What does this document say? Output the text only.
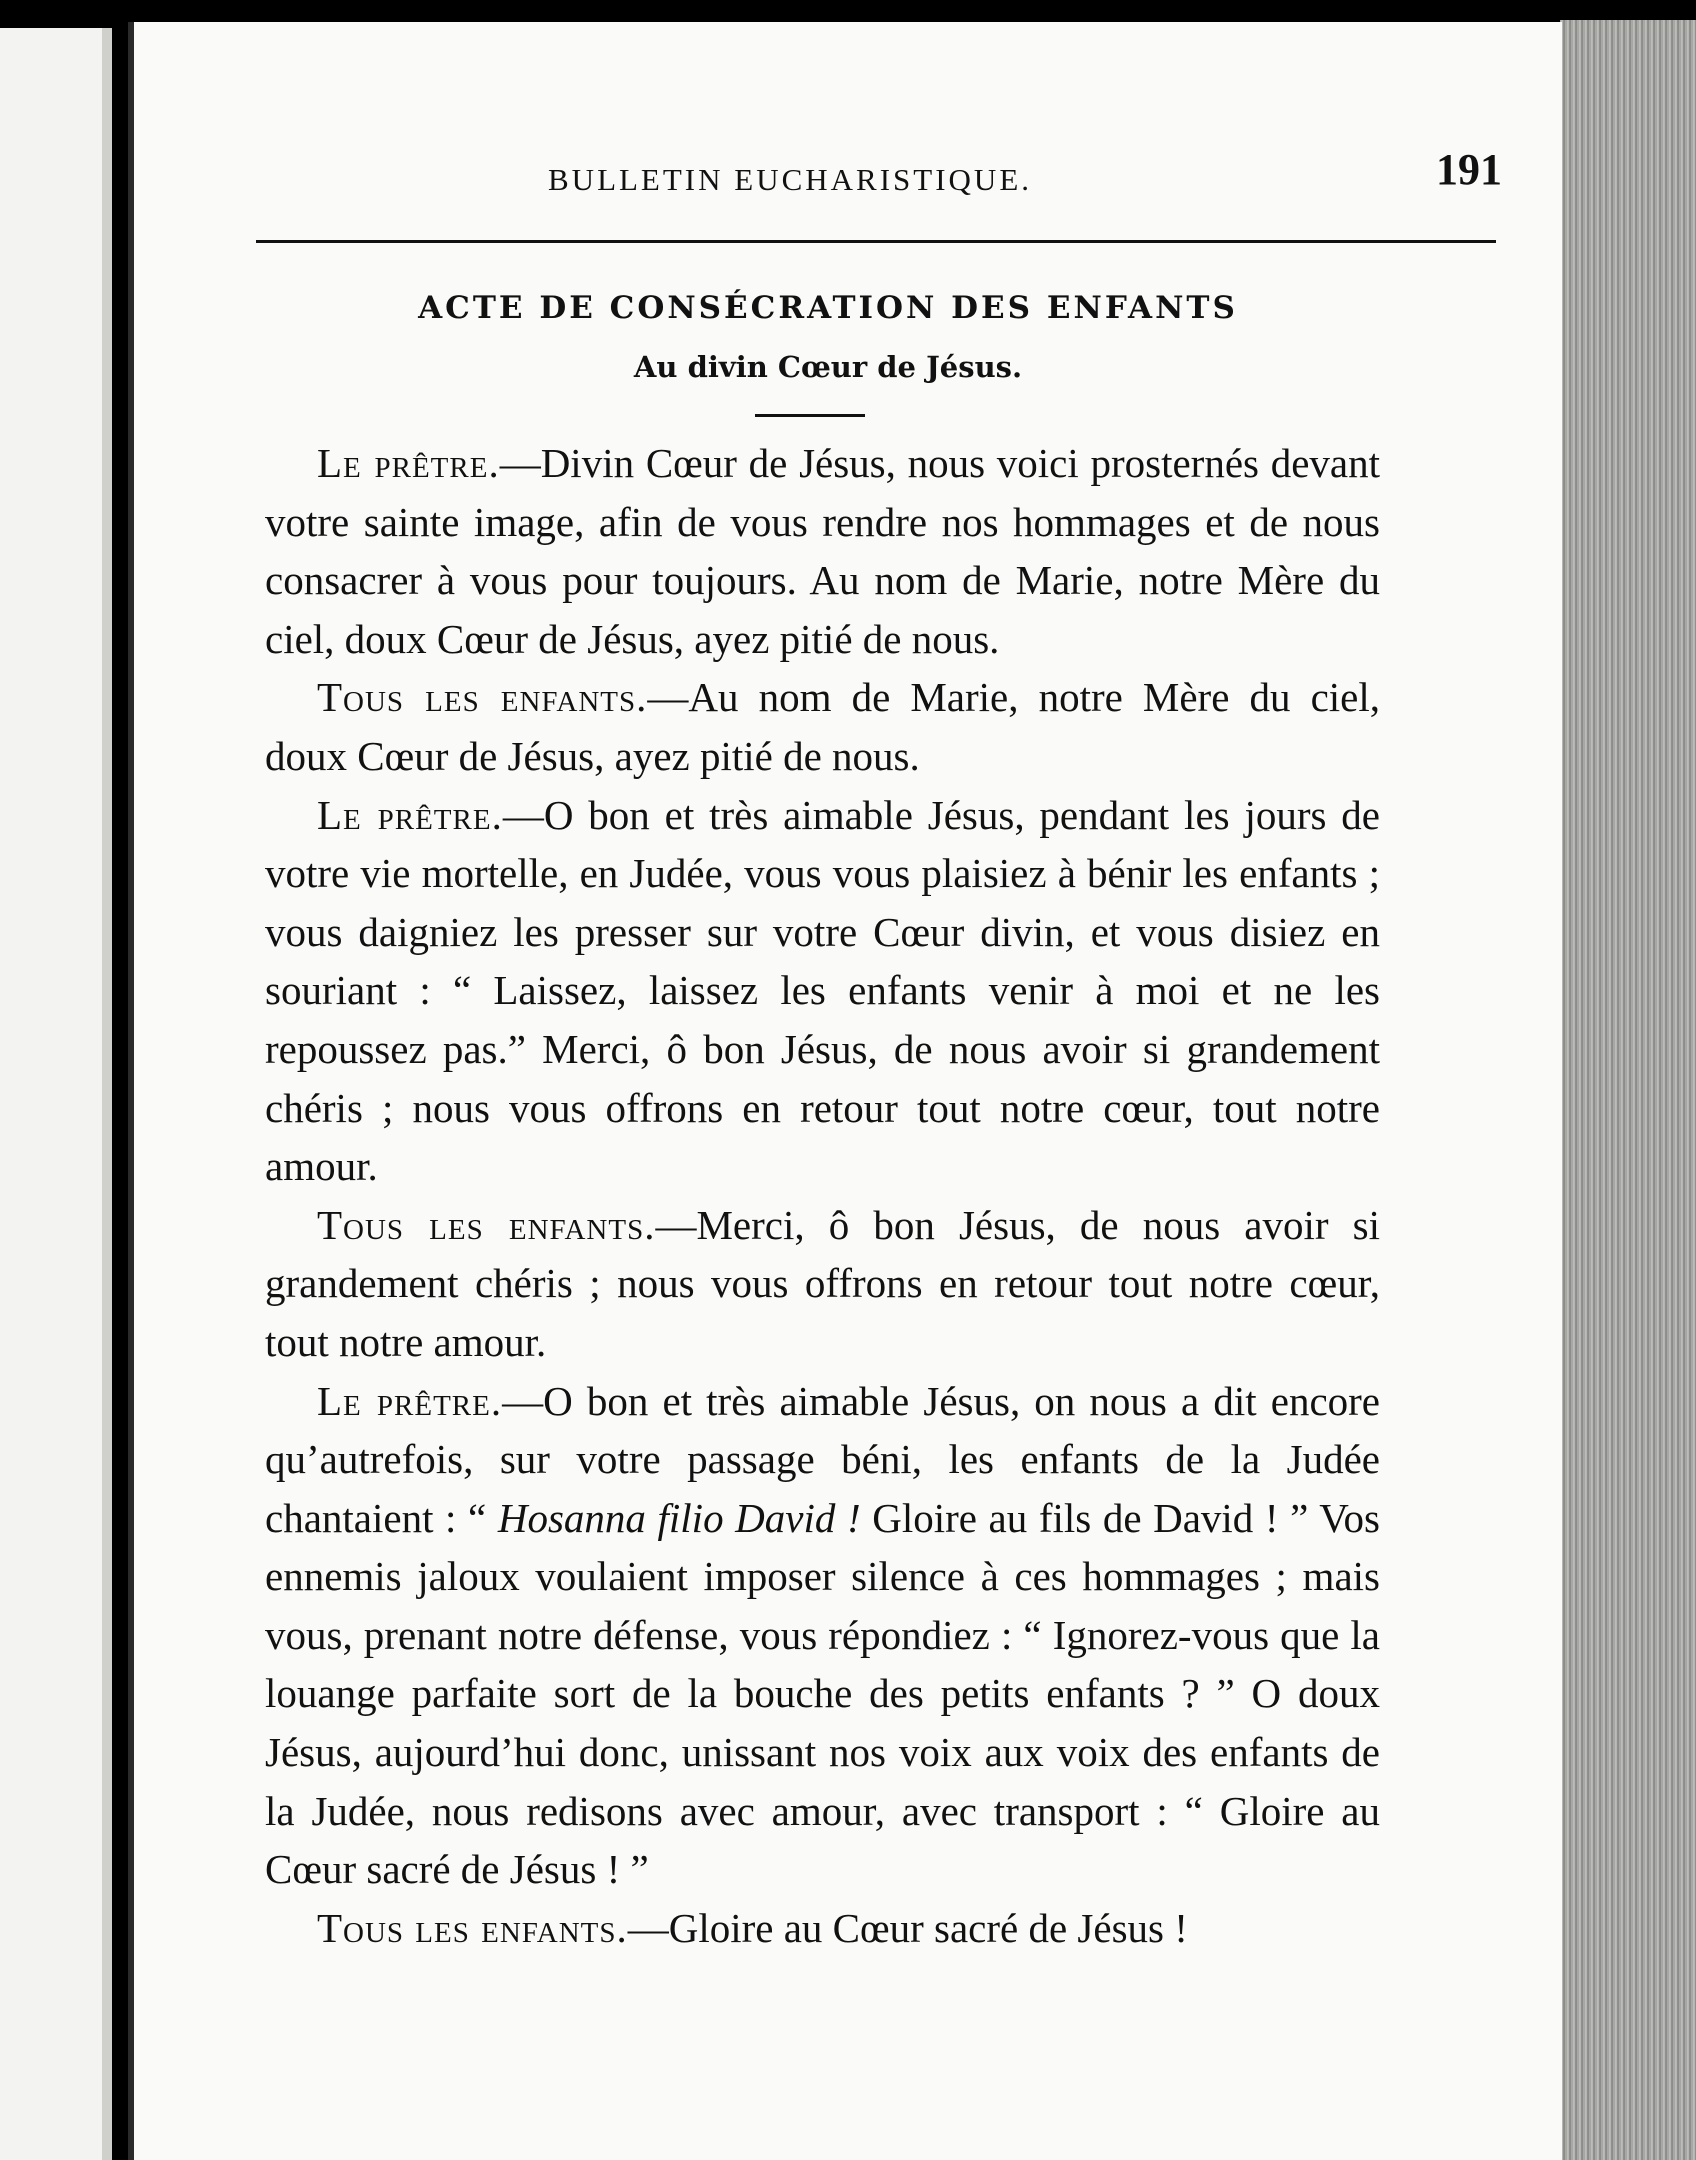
BULLETIN EUCHARISTIQUE.	191
ACTE DE CONSÉCRATION DES ENFANTS
Au divin Cœur de Jésus.

Le prêtre.—Divin Cœur de Jésus, nous voici prosternés devant votre sainte image, afin de vous rendre nos hommages et de nous consacrer à vous pour toujours. Au nom de Marie, notre Mère du ciel, doux Cœur de Jésus, ayez pitié de nous.

Tous les enfants.—Au nom de Marie, notre Mère du ciel, doux Cœur de Jésus, ayez pitié de nous.

Le prêtre.—O bon et très aimable Jésus, pendant les jours de votre vie mortelle, en Judée, vous vous plaisiez à bénir les enfants ; vous daigniez les presser sur votre Cœur divin, et vous disiez en souriant : “ Laissez, laissez les enfants venir à moi et ne les repoussez pas.” Merci, ô bon Jésus, de nous avoir si grandement chéris ; nous vous offrons en retour tout notre cœur, tout notre amour.

Tous les enfants.—Merci, ô bon Jésus, de nous avoir si grandement chéris ; nous vous offrons en retour tout notre cœur, tout notre amour.

Le prêtre.—O bon et très aimable Jésus, on nous a dit encore qu’autrefois, sur votre passage béni, les enfants de la Judée chantaient : “ Hosanna filio David ! Gloire au fils de David ! ” Vos ennemis jaloux voulaient imposer silence à ces hommages ; mais vous, prenant notre défense, vous répondiez : “ Ignorez-vous que la louange parfaite sort de la bouche des petits enfants ? ” O doux Jésus, aujourd’hui donc, unissant nos voix aux voix des enfants de la Judée, nous redisons avec amour, avec transport : “ Gloire au Cœur sacré de Jésus ! ”

Tous les enfants.—Gloire au Cœur sacré de Jésus !
